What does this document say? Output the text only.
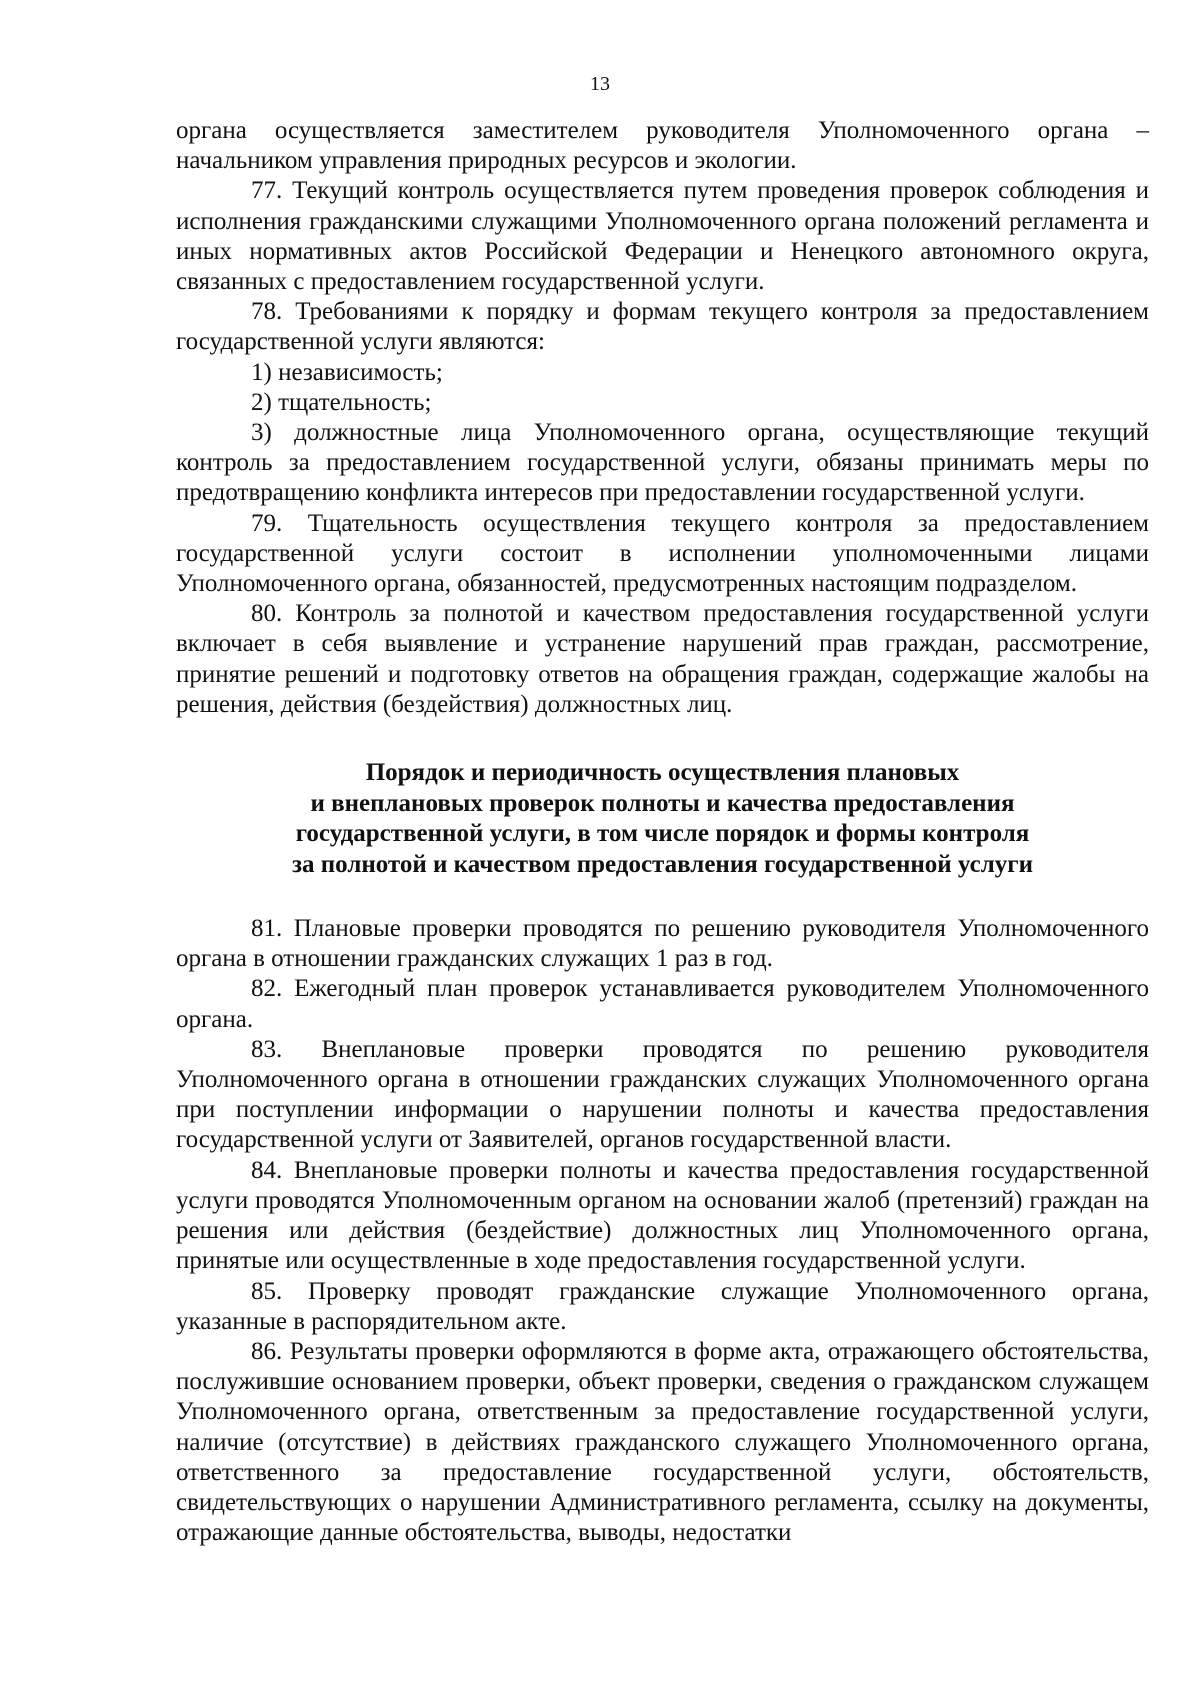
13

органа осуществляется заместителем руководителя Уполномоченного органа – начальником управления природных ресурсов и экологии.

77. Текущий контроль осуществляется путем проведения проверок соблюдения и исполнения гражданскими служащими Уполномоченного органа положений регламента и иных нормативных актов Российской Федерации и Ненецкого автономного округа, связанных с предоставлением государственной услуги.

78. Требованиями к порядку и формам текущего контроля за предоставлением государственной услуги являются:

1) независимость;

2) тщательность;

3) должностные лица Уполномоченного органа, осуществляющие текущий контроль за предоставлением государственной услуги, обязаны принимать меры по предотвращению конфликта интересов при предоставлении государственной услуги.

79. Тщательность осуществления текущего контроля за предоставлением государственной услуги состоит в исполнении уполномоченными лицами Уполномоченного органа, обязанностей, предусмотренных настоящим подразделом.

80. Контроль за полнотой и качеством предоставления государственной услуги включает в себя выявление и устранение нарушений прав граждан, рассмотрение, принятие решений и подготовку ответов на обращения граждан, содержащие жалобы на решения, действия (бездействия) должностных лиц.

Порядок и периодичность осуществления плановых
и внеплановых проверок полноты и качества предоставления
государственной услуги, в том числе порядок и формы контроля
за полнотой и качеством предоставления государственной услуги

81. Плановые проверки проводятся по решению руководителя Уполномоченного органа в отношении гражданских служащих 1 раз в год.

82. Ежегодный план проверок устанавливается руководителем Уполномоченного органа.

83. Внеплановые проверки проводятся по решению руководителя Уполномоченного органа в отношении гражданских служащих Уполномоченного органа при поступлении информации о нарушении полноты и качества предоставления государственной услуги от Заявителей, органов государственной власти.

84. Внеплановые проверки полноты и качества предоставления государственной услуги проводятся Уполномоченным органом на основании жалоб (претензий) граждан на решения или действия (бездействие) должностных лиц Уполномоченного органа, принятые или осуществленные в ходе предоставления государственной услуги.

85. Проверку проводят гражданские служащие Уполномоченного органа, указанные в распорядительном акте.

86. Результаты проверки оформляются в форме акта, отражающего обстоятельства, послужившие основанием проверки, объект проверки, сведения о гражданском служащем Уполномоченного органа, ответственным за предоставление государственной услуги, наличие (отсутствие) в действиях гражданского служащего Уполномоченного органа, ответственного за предоставление государственной услуги, обстоятельств, свидетельствующих о нарушении Административного регламента, ссылку на документы, отражающие данные обстоятельства, выводы, недостатки
